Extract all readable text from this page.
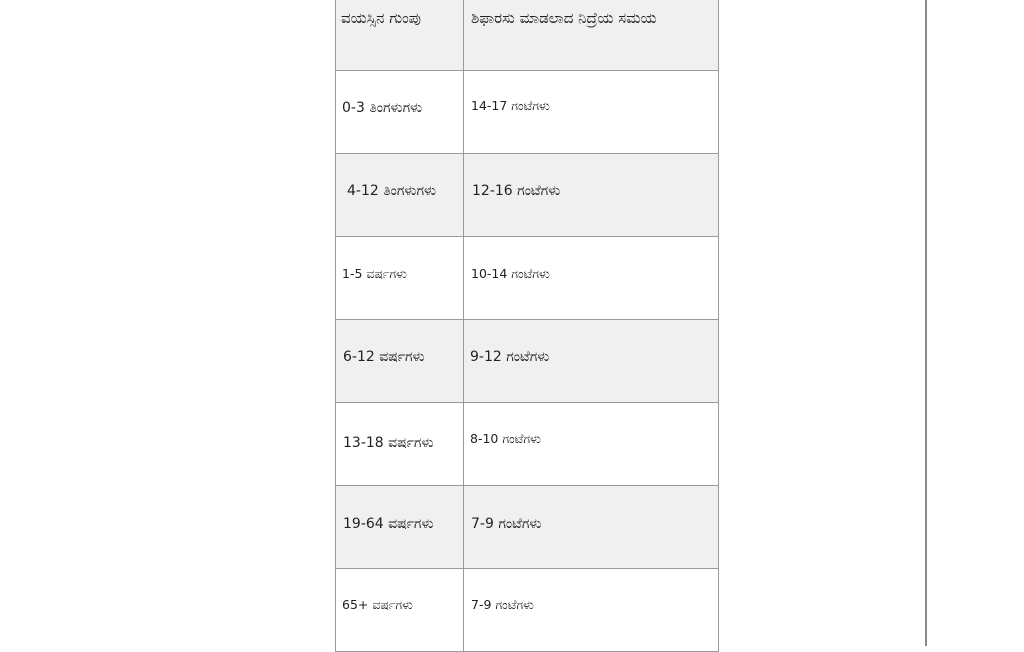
ವಯಸ್ಸಿನ ಗುಂಪು	ಶಿಫಾರಸು ಮಾಡಲಾದ ನಿದ್ರೆಯ ಸಮಯ

0-3 ತಿಂಗಳುಗಳು	14-17 ಗಂಟೆಗಳು

4-12 ತಿಂಗಳುಗಳು	12-16 ಗಂಟೆಗಳು

1-5 ವರ್ಷಗಳು	10-14 ಗಂಟೆಗಳು

6-12 ವರ್ಷಗಳು	9-12 ಗಂಟೆಗಳು

13-18 ವರ್ಷಗಳು	8-10 ಗಂಟೆಗಳು

19-64 ವರ್ಷಗಳು	7-9 ಗಂಟೆಗಳು

65+ ವರ್ಷಗಳು	7-9 ಗಂಟೆಗಳು
